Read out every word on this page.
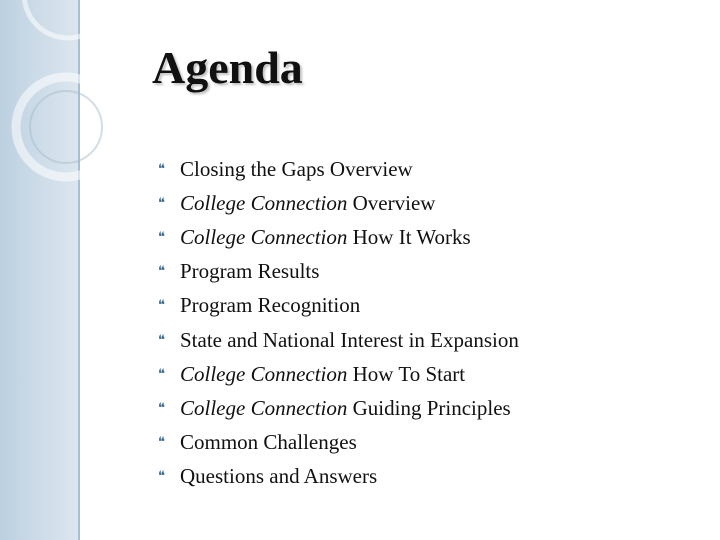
Agenda
❝ Closing the Gaps Overview
❝ College Connection Overview
❝ College Connection How It Works
❝ Program Results
❝ Program Recognition
❝ State and National Interest in Expansion
❝ College Connection How To Start
❝ College Connection Guiding Principles
❝ Common Challenges
❝ Questions and Answers
